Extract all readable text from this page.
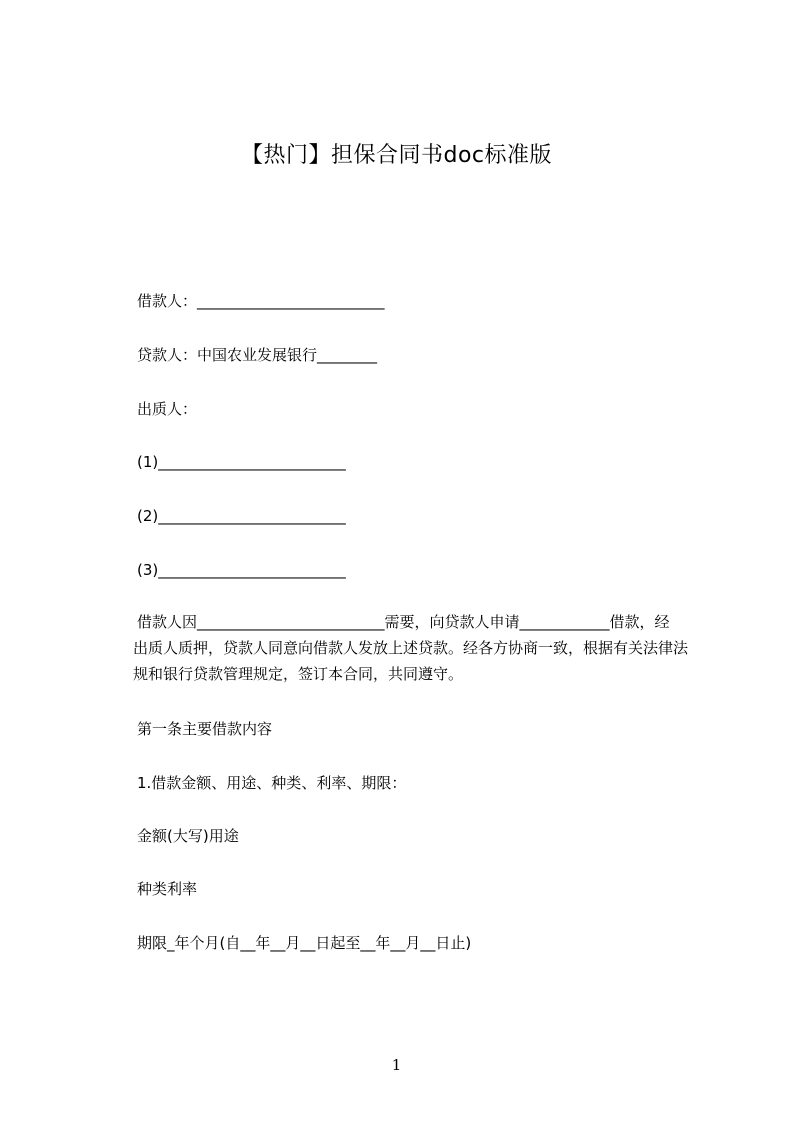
【热门】担保合同书doc标准版
借款人：_________________________
贷款人：中国农业发展银行________
出质人：
(1)_________________________
(2)_________________________
(3)_________________________
借款人因_________________________需要，向贷款人申请____________借款，经
出质人质押，贷款人同意向借款人发放上述贷款。经各方协商一致，根据有关法律法
规和银行贷款管理规定，签订本合同，共同遵守。
第一条主要借款内容
1.借款金额、用途、种类、利率、期限：
金额(大写)用途
种类利率
期限_年个月(自__年__月__日起至__年__月__日止)
1
